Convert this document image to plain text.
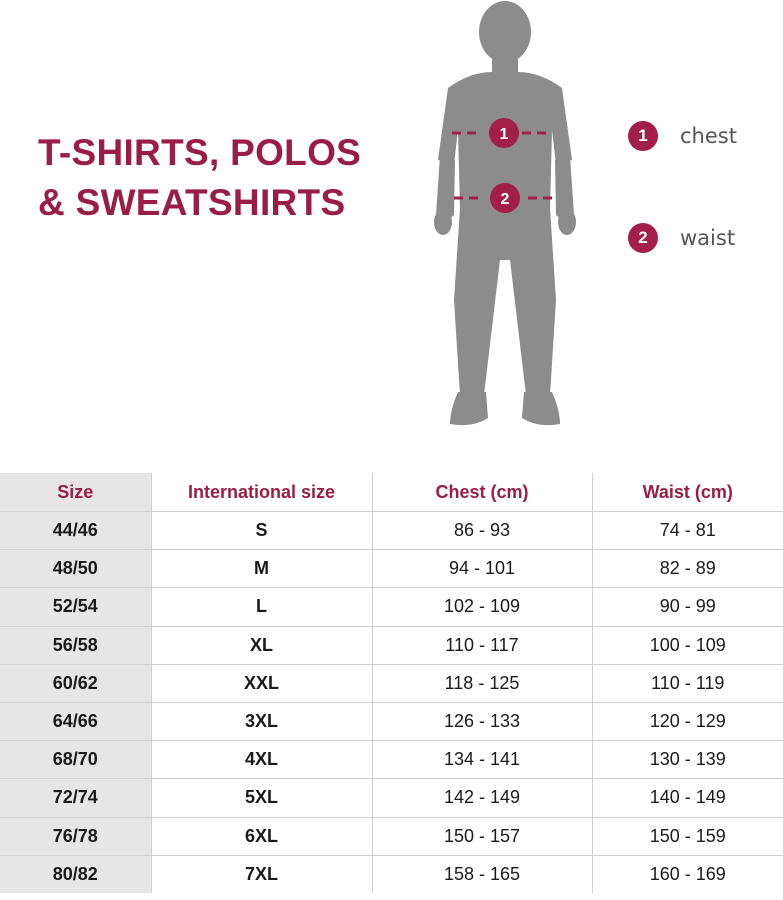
T-SHIRTS, POLOS
& SWEATSHIRTS
1
2
1	chest
2	waist
Size	International size	Chest (cm)	Waist (cm)
44/46	S	86 - 93	74 - 81
48/50	M	94 - 101	82 - 89
52/54	L	102 - 109	90 - 99
56/58	XL	110 - 117	100 - 109
60/62	XXL	118 - 125	110 - 119
64/66	3XL	126 - 133	120 - 129
68/70	4XL	134 - 141	130 - 139
72/74	5XL	142 - 149	140 - 149
76/78	6XL	150 - 157	150 - 159
80/82	7XL	158 - 165	160 - 169
